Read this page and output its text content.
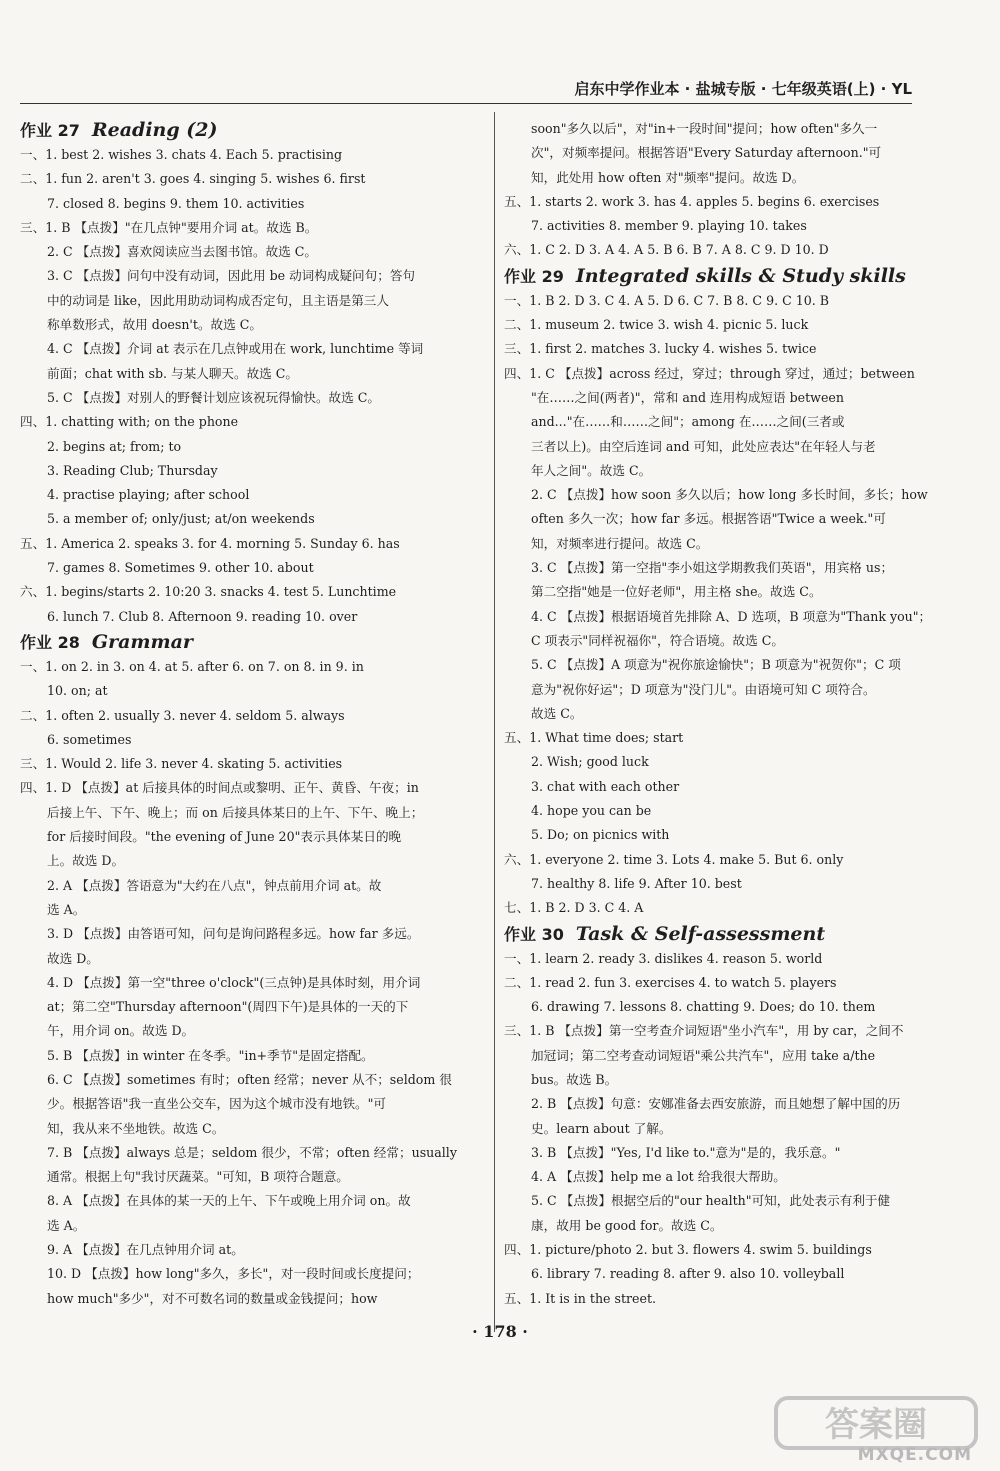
启东中学作业本 · 盐城专版 · 七年级英语(上) · YL
作业 27 Reading (2)
一、1. best 2. wishes 3. chats 4. Each 5. practising
二、1. fun 2. aren't 3. goes 4. singing 5. wishes 6. first
7. closed 8. begins 9. them 10. activities
三、1. B 【点拨】"在几点钟"要用介词 at。故选 B。
2. C 【点拨】喜欢阅读应当去图书馆。故选 C。
3. C 【点拨】问句中没有动词，因此用 be 动词构成疑问句；答句
中的动词是 like，因此用助动词构成否定句，且主语是第三人
称单数形式，故用 doesn't。故选 C。
4. C 【点拨】介词 at 表示在几点钟或用在 work, lunchtime 等词
前面；chat with sb. 与某人聊天。故选 C。
5. C 【点拨】对别人的野餐计划应该祝玩得愉快。故选 C。
四、1. chatting with; on the phone
2. begins at; from; to
3. Reading Club; Thursday
4. practise playing; after school
5. a member of; only/just; at/on weekends
五、1. America 2. speaks 3. for 4. morning 5. Sunday 6. has
7. games 8. Sometimes 9. other 10. about
六、1. begins/starts 2. 10:20 3. snacks 4. test 5. Lunchtime
6. lunch 7. Club 8. Afternoon 9. reading 10. over
作业 28 Grammar
一、1. on 2. in 3. on 4. at 5. after 6. on 7. on 8. in 9. in
10. on; at
二、1. often 2. usually 3. never 4. seldom 5. always
6. sometimes
三、1. Would 2. life 3. never 4. skating 5. activities
四、1. D 【点拨】at 后接具体的时间点或黎明、正午、黄昏、午夜；in
后接上午、下午、晚上；而 on 后接具体某日的上午、下午、晚上；
for 后接时间段。"the evening of June 20"表示具体某日的晚
上。故选 D。
2. A 【点拨】答语意为"大约在八点"，钟点前用介词 at。故
选 A。
3. D 【点拨】由答语可知，问句是询问路程多远。how far 多远。
故选 D。
4. D 【点拨】第一空"three o'clock"(三点钟)是具体时刻，用介词
at；第二空"Thursday afternoon"(周四下午)是具体的一天的下
午，用介词 on。故选 D。
5. B 【点拨】in winter 在冬季。"in+季节"是固定搭配。
6. C 【点拨】sometimes 有时；often 经常；never 从不；seldom 很
少。根据答语"我一直坐公交车，因为这个城市没有地铁。"可
知，我从来不坐地铁。故选 C。
7. B 【点拨】always 总是；seldom 很少，不常；often 经常；usually
通常。根据上句"我讨厌蔬菜。"可知，B 项符合题意。
8. A 【点拨】在具体的某一天的上午、下午或晚上用介词 on。故
选 A。
9. A 【点拨】在几点钟用介词 at。
10. D 【点拨】how long"多久，多长"，对一段时间或长度提问；
how much"多少"，对不可数名词的数量或金钱提问；how
soon"多久以后"，对"in+一段时间"提问；how often"多久一
次"，对频率提问。根据答语"Every Saturday afternoon."可
知，此处用 how often 对"频率"提问。故选 D。
五、1. starts 2. work 3. has 4. apples 5. begins 6. exercises
7. activities 8. member 9. playing 10. takes
六、1. C 2. D 3. A 4. A 5. B 6. B 7. A 8. C 9. D 10. D
作业 29 Integrated skills & Study skills
一、1. B 2. D 3. C 4. A 5. D 6. C 7. B 8. C 9. C 10. B
二、1. museum 2. twice 3. wish 4. picnic 5. luck
三、1. first 2. matches 3. lucky 4. wishes 5. twice
四、1. C 【点拨】across 经过，穿过；through 穿过，通过；between
"在……之间(两者)"，常和 and 连用构成短语 between
and..."在……和……之间"；among 在……之间(三者或
三者以上)。由空后连词 and 可知，此处应表达"在年轻人与老
年人之间"。故选 C。
2. C 【点拨】how soon 多久以后；how long 多长时间，多长；how
often 多久一次；how far 多远。根据答语"Twice a week."可
知，对频率进行提问。故选 C。
3. C 【点拨】第一空指"李小姐这学期教我们英语"，用宾格 us；
第二空指"她是一位好老师"，用主格 she。故选 C。
4. C 【点拨】根据语境首先排除 A、D 选项，B 项意为"Thank you"；
C 项表示"同样祝福你"，符合语境。故选 C。
5. C 【点拨】A 项意为"祝你旅途愉快"；B 项意为"祝贺你"；C 项
意为"祝你好运"；D 项意为"没门儿"。由语境可知 C 项符合。
故选 C。
五、1. What time does; start
2. Wish; good luck
3. chat with each other
4. hope you can be
5. Do; on picnics with
六、1. everyone 2. time 3. Lots 4. make 5. But 6. only
7. healthy 8. life 9. After 10. best
七、1. B 2. D 3. C 4. A
作业 30 Task & Self-assessment
一、1. learn 2. ready 3. dislikes 4. reason 5. world
二、1. read 2. fun 3. exercises 4. to watch 5. players
6. drawing 7. lessons 8. chatting 9. Does; do 10. them
三、1. B 【点拨】第一空考查介词短语"坐小汽车"，用 by car，之间不
加冠词；第二空考查动词短语"乘公共汽车"，应用 take a/the
bus。故选 B。
2. B 【点拨】句意：安娜准备去西安旅游，而且她想了解中国的历
史。learn about 了解。
3. B 【点拨】"Yes, I'd like to."意为"是的，我乐意。"
4. A 【点拨】help me a lot 给我很大帮助。
5. C 【点拨】根据空后的"our health"可知，此处表示有利于健
康，故用 be good for。故选 C。
四、1. picture/photo 2. but 3. flowers 4. swim 5. buildings
6. library 7. reading 8. after 9. also 10. volleyball
五、1. It is in the street.
· 178 ·
答案圈
MXQE.COM
